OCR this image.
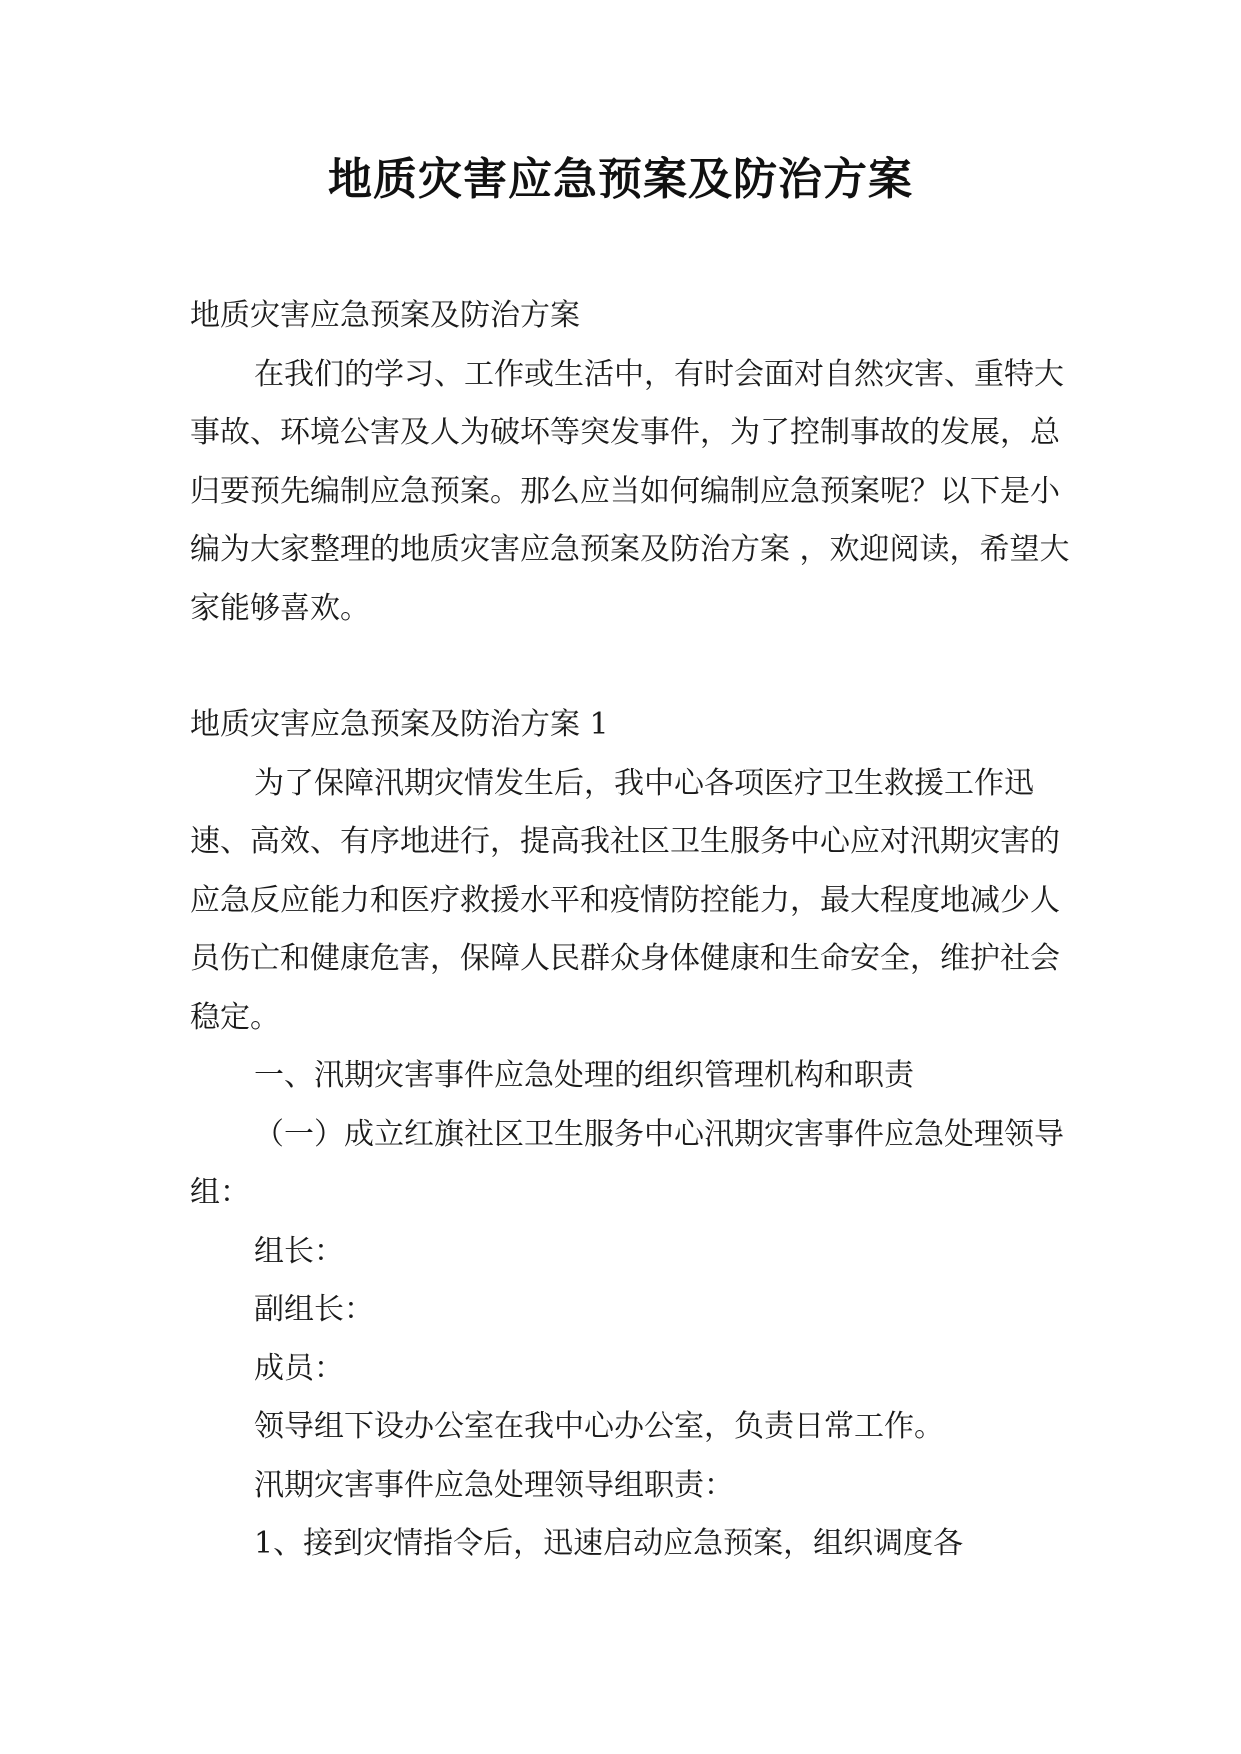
地质灾害应急预案及防治方案

地质灾害应急预案及防治方案

在我们的学习、工作或生活中，有时会面对自然灾害、重特大事故、环境公害及人为破坏等突发事件，为了控制事故的发展，总归要预先编制应急预案。那么应当如何编制应急预案呢？以下是小编为大家整理的地质灾害应急预案及防治方案 ，欢迎阅读，希望大家能够喜欢。

地质灾害应急预案及防治方案 1

为了保障汛期灾情发生后，我中心各项医疗卫生救援工作迅速、高效、有序地进行，提高我社区卫生服务中心应对汛期灾害的应急反应能力和医疗救援水平和疫情防控能力，最大程度地减少人员伤亡和健康危害，保障人民群众身体健康和生命安全，维护社会稳定。

一、汛期灾害事件应急处理的组织管理机构和职责

（一）成立红旗社区卫生服务中心汛期灾害事件应急处理领导组：

组长：

副组长：

成员：

领导组下设办公室在我中心办公室，负责日常工作。

汛期灾害事件应急处理领导组职责：

1、接到灾情指令后，迅速启动应急预案，组织调度各
